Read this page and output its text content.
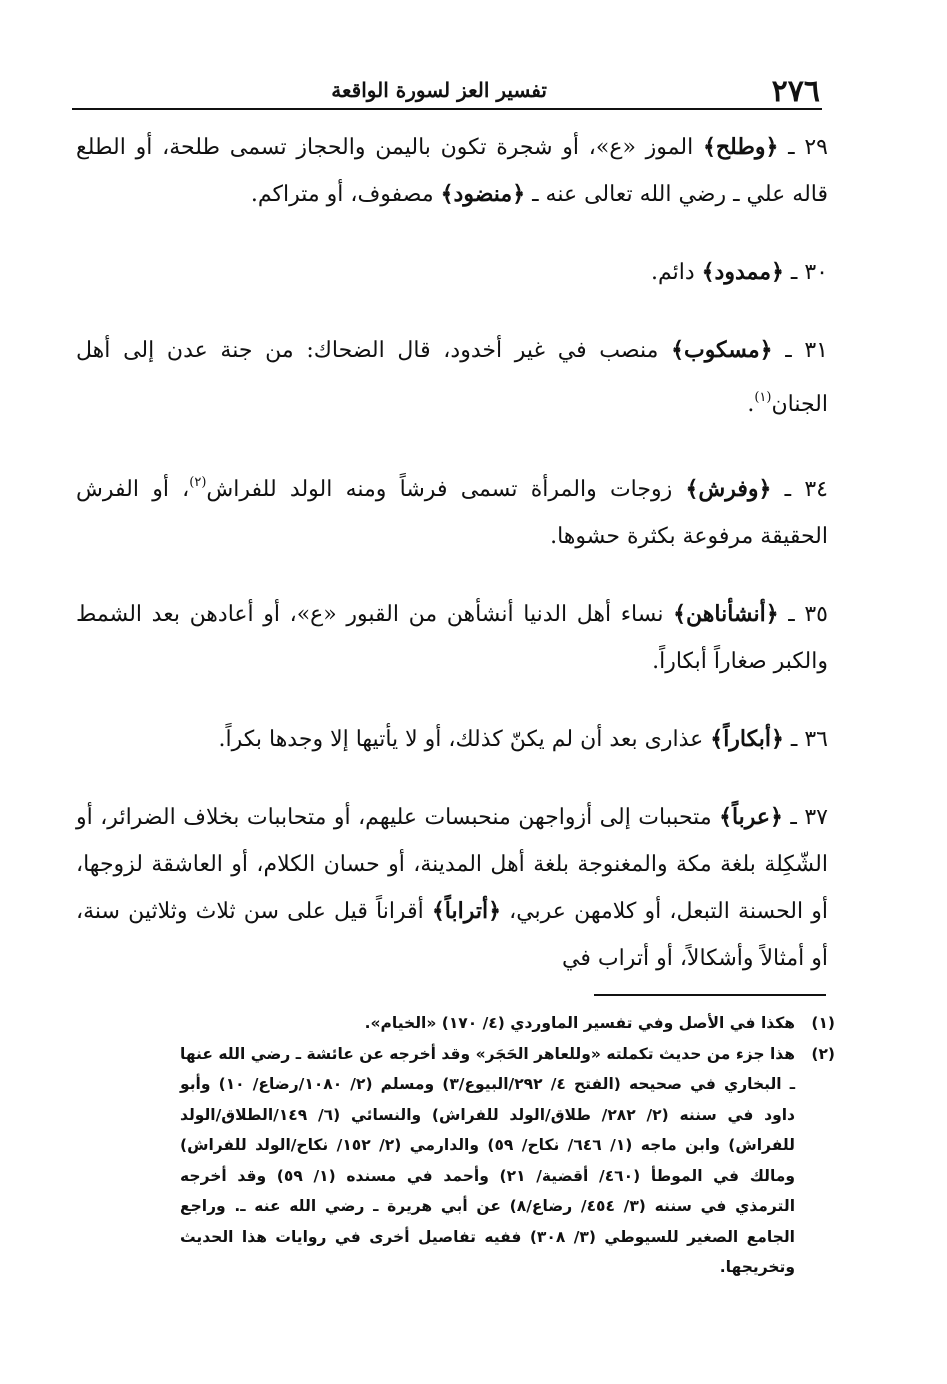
٢٧٦
تفسير العز لسورة الواقعة

٢٩ ـ ﴿وطلح﴾ الموز «ع»، أو شجرة تكون باليمن والحجاز تسمى طلحة، أو الطلع قاله علي ـ رضي الله تعالى عنه ـ ﴿منضود﴾ مصفوف، أو متراكم.

٣٠ ـ ﴿ممدود﴾ دائم.

٣١ ـ ﴿مسكوب﴾ منصب في غير أخدود، قال الضحاك: من جنة عدن إلى أهل الجنان$^{(١)}$.

٣٤ ـ ﴿وفرش﴾ زوجات والمرأة تسمى فرشاً ومنه الولد للفراش$^{(٢)}$، أو الفرش الحقيقة مرفوعة بكثرة حشوها.

٣٥ ـ ﴿أنشأناهن﴾ نساء أهل الدنيا أنشأهن من القبور «ع»، أو أعادهن بعد الشمط والكبر صغاراً أبكاراً.

٣٦ ـ ﴿أبكاراً﴾ عذارى بعد أن لم يكنّ كذلك، أو لا يأتيها إلا وجدها بكراً.

٣٧ ـ ﴿عرباً﴾ متحببات إلى أزواجهن منحبسات عليهم، أو متحاببات بخلاف الضرائر، أو الشّكِلة بلغة مكة والمغنوجة بلغة أهل المدينة، أو حسان الكلام، أو العاشقة لزوجها، أو الحسنة التبعل، أو كلامهن عربي، ﴿أتراباً﴾ أقراناً قيل على سن ثلاث وثلاثين سنة، أو أمثالاً وأشكالاً، أو أتراب في

(١)
هكذا في الأصل وفي تفسير الماوردي (٤/ ١٧٠) «الخيام».
(٢)
هذا جزء من حديث تكملته «وللعاهر الحَجَر» وقد أخرجه عن عائشة ـ رضي الله عنها ـ البخاري في صحيحه (الفتح ٤/ ٢٩٢/البيوع/٣) ومسلم (٢/ ١٠٨٠/رضاع/ ١٠) وأبو داود في سننه (٢/ ٢٨٢/ طلاق/الولد للفراش) والنسائي (٦/ ١٤٩/الطلاق/الولد للفراش) وابن ماجه (١/ ٦٤٦/ نكاح/ ٥٩) والدارمي (٢/ ١٥٢/ نكاح/الولد للفراش) ومالك في الموطأ (٤٦٠/ أقضية/ ٢١) وأحمد في مسنده (١/ ٥٩) وقد أخرجه الترمذي في سننه (٣/ ٤٥٤/ رضاع/٨) عن أبي هريرة ـ رضي الله عنه ـ. وراجع الجامع الصغير للسيوطي (٣/ ٣٠٨) ففيه تفاصيل أخرى في روايات هذا الحديث وتخريجها.
